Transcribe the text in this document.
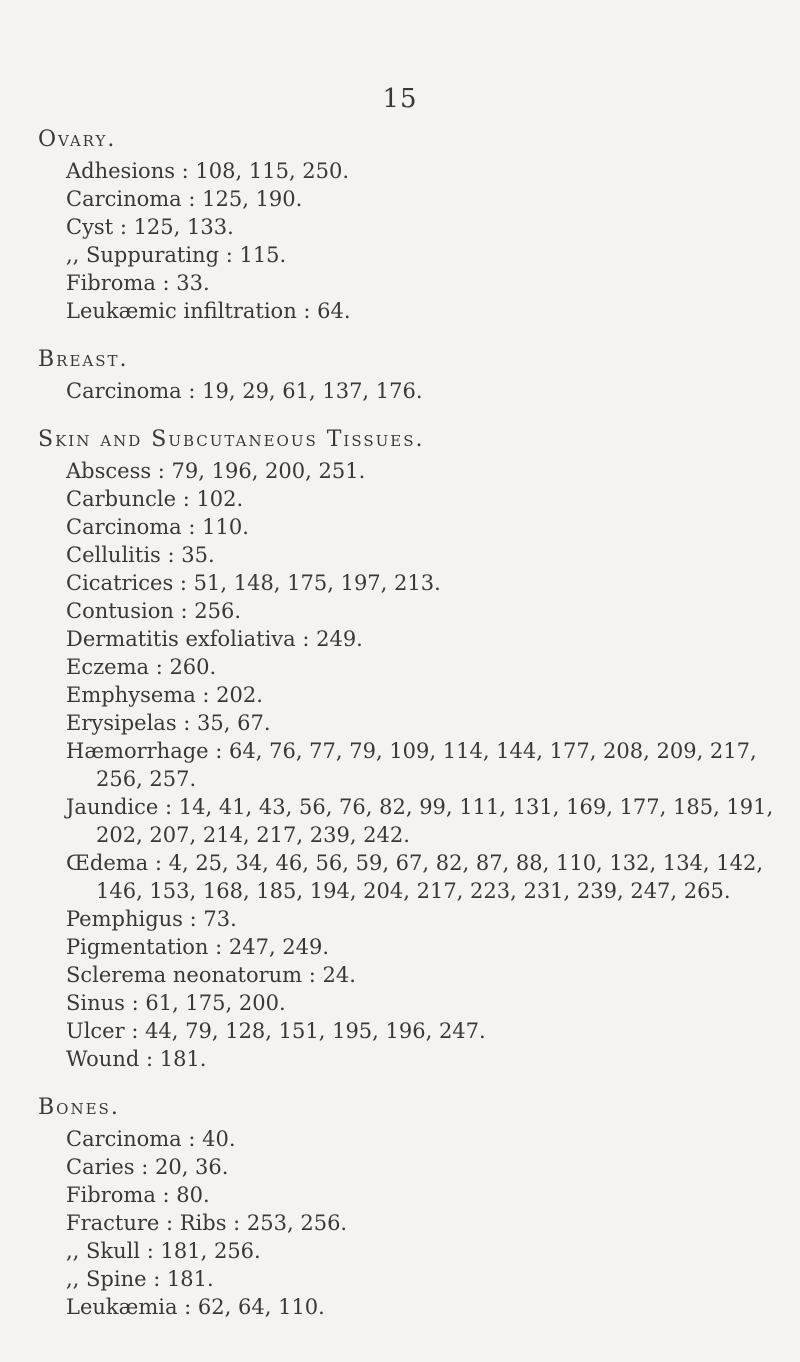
15
Ovary.
Adhesions : 108, 115, 250.
Carcinoma : 125, 190.
Cyst : 125, 133.
,, Suppurating : 115.
Fibroma : 33.
Leukæmic infiltration : 64.
Breast.
Carcinoma : 19, 29, 61, 137, 176.
Skin and Subcutaneous Tissues.
Abscess : 79, 196, 200, 251.
Carbuncle : 102.
Carcinoma : 110.
Cellulitis : 35.
Cicatrices : 51, 148, 175, 197, 213.
Contusion : 256.
Dermatitis exfoliativa : 249.
Eczema : 260.
Emphysema : 202.
Erysipelas : 35, 67.
Hæmorrhage : 64, 76, 77, 79, 109, 114, 144, 177, 208, 209, 217, 256, 257.
Jaundice : 14, 41, 43, 56, 76, 82, 99, 111, 131, 169, 177, 185, 191, 202, 207, 214, 217, 239, 242.
Œdema : 4, 25, 34, 46, 56, 59, 67, 82, 87, 88, 110, 132, 134, 142, 146, 153, 168, 185, 194, 204, 217, 223, 231, 239, 247, 265.
Pemphigus : 73.
Pigmentation : 247, 249.
Sclerema neonatorum : 24.
Sinus : 61, 175, 200.
Ulcer : 44, 79, 128, 151, 195, 196, 247.
Wound : 181.
Bones.
Carcinoma : 40.
Caries : 20, 36.
Fibroma : 80.
Fracture : Ribs : 253, 256.
,, Skull : 181, 256.
,, Spine : 181.
Leukæmia : 62, 64, 110.
